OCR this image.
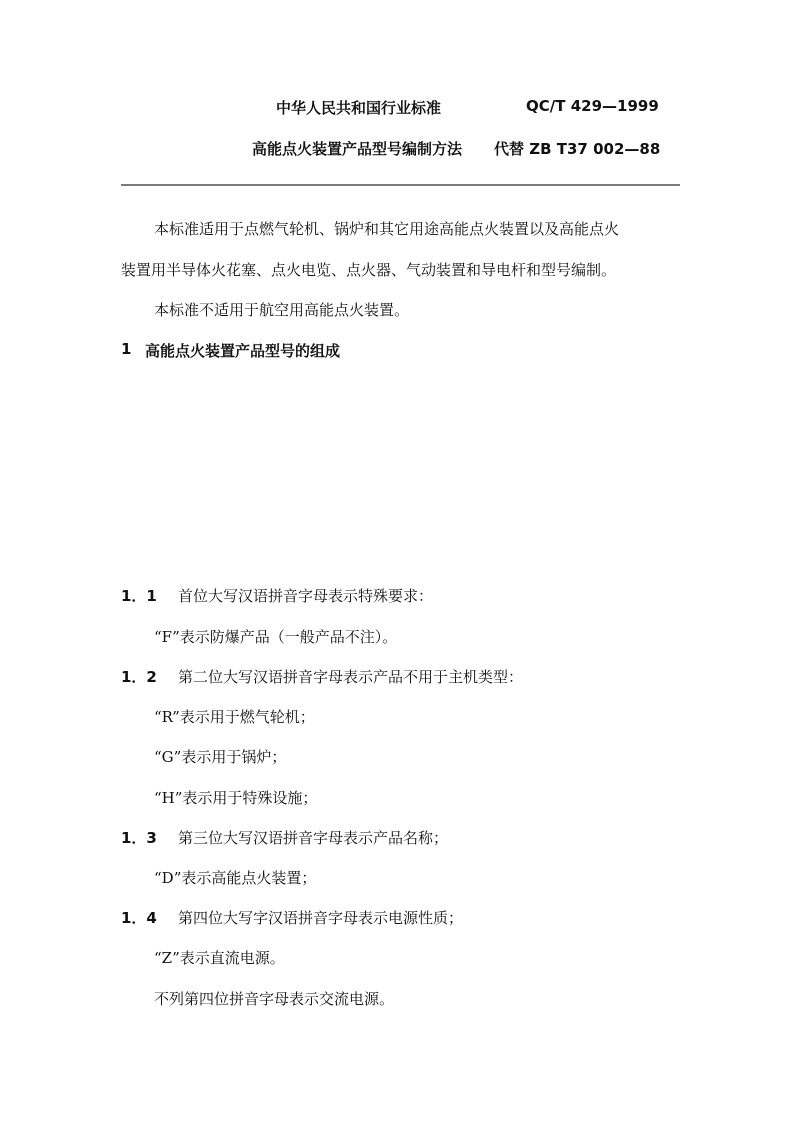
中华人民共和国行业标准	QC/T 429—1999
高能点火装置产品型号编制方法 代替 ZB T37 002—88
本标准适用于点燃气轮机、锅炉和其它用途高能点火装置以及高能点火
装置用半导体火花塞、点火电览、点火器、气动装置和导电杆和型号编制。
本标准不适用于航空用高能点火装置。
1 高能点火装置产品型号的组成
1．1 首位大写汉语拼音字母表示特殊要求：
“F”表示防爆产品（一般产品不注）。
1．2 第二位大写汉语拼音字母表示产品不用于主机类型：
“R”表示用于燃气轮机；
“G”表示用于锅炉；
“H”表示用于特殊设施；
1．3 第三位大写汉语拼音字母表示产品名称；
“D”表示高能点火装置；
1．4 第四位大写字汉语拼音字母表示电源性质；
“Z”表示直流电源。
不列第四位拼音字母表示交流电源。
